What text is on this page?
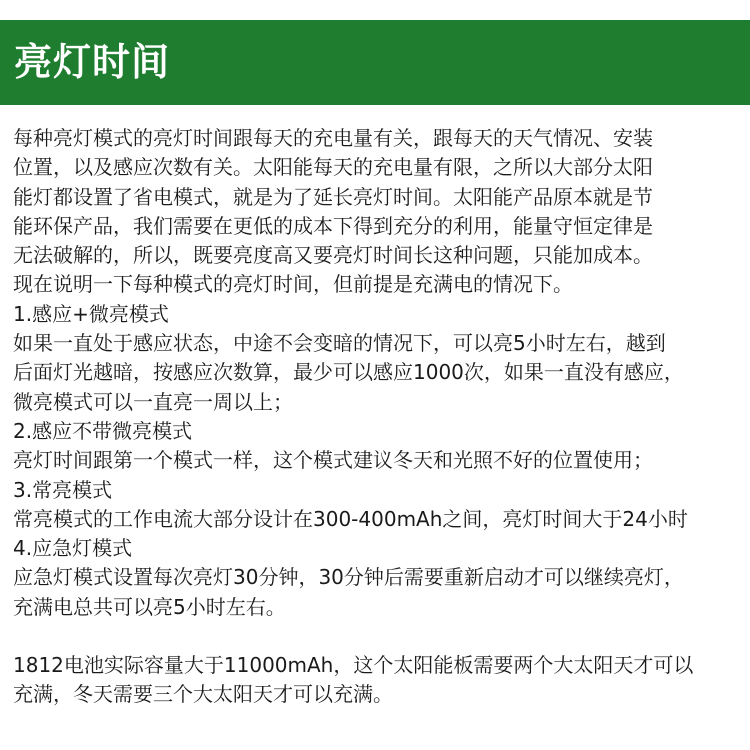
亮灯时间
每种亮灯模式的亮灯时间跟每天的充电量有关，跟每天的天气情况、安装
位置，以及感应次数有关。太阳能每天的充电量有限，之所以大部分太阳
能灯都设置了省电模式，就是为了延长亮灯时间。太阳能产品原本就是节
能环保产品，我们需要在更低的成本下得到充分的利用，能量守恒定律是
无法破解的，所以，既要亮度高又要亮灯时间长这种问题，只能加成本。
现在说明一下每种模式的亮灯时间，但前提是充满电的情况下。
1.感应+微亮模式
如果一直处于感应状态，中途不会变暗的情况下，可以亮5小时左右，越到
后面灯光越暗，按感应次数算，最少可以感应1000次，如果一直没有感应，
微亮模式可以一直亮一周以上；
2.感应不带微亮模式
亮灯时间跟第一个模式一样，这个模式建议冬天和光照不好的位置使用；
3.常亮模式
常亮模式的工作电流大部分设计在300-400mAh之间，亮灯时间大于24小时
4.应急灯模式
应急灯模式设置每次亮灯30分钟，30分钟后需要重新启动才可以继续亮灯，
充满电总共可以亮5小时左右。
1812电池实际容量大于11000mAh，这个太阳能板需要两个大太阳天才可以
充满，冬天需要三个大太阳天才可以充满。
